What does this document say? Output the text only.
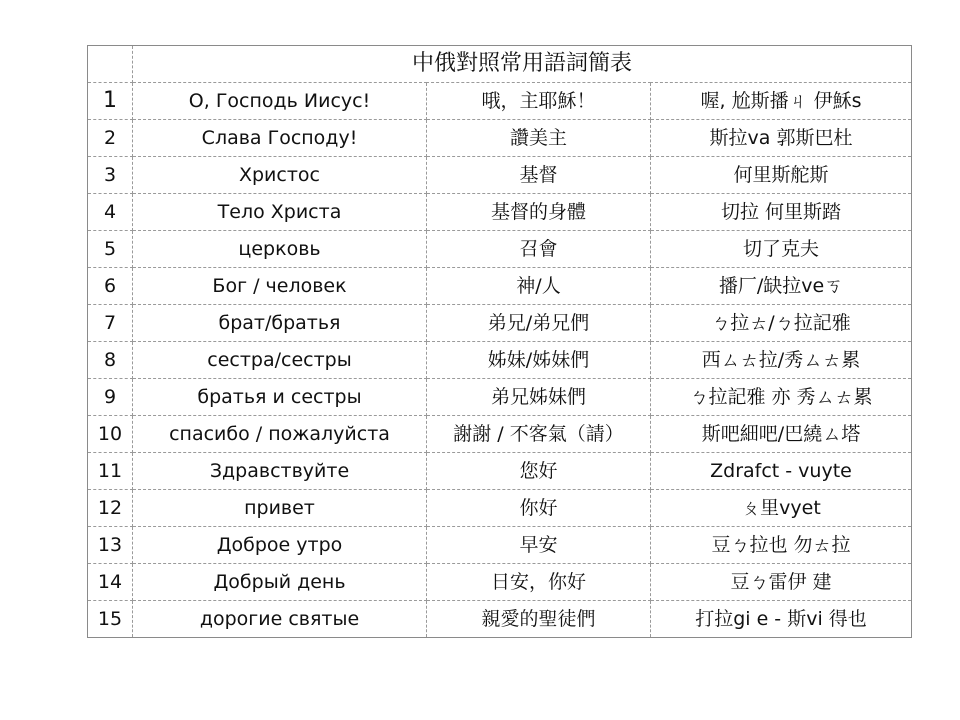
	中俄對照常用語詞簡表		
1	О, Господь Иисус!	哦，主耶穌！	喔, 尬斯播ㄐ 伊穌s
2	Слава Господу!	讚美主	斯拉va 郭斯巴杜
3	Христос	基督	何里斯舵斯
4	Тело Христа	基督的身體	切拉 何里斯踏
5	церковь	召會	切了克夫
6	Бог / человек	神/人	播厂/缺拉veㄎ
7	брат/братья	弟兄/弟兄們	ㄅ拉ㄊ/ㄅ拉記雅
8	сестра/сестры	姊妹/姊妹們	西ㄙㄊ拉/秀ㄙㄊ累
9	братья и сестры	弟兄姊妹們	ㄅ拉記雅 亦 秀ㄙㄊ累
10	спасибо / пожалуйста	謝謝 / 不客氣（請）	斯吧細吧/巴繞ㄙ塔
11	Здравствуйте	您好	Zdrafct - vuyte
12	привет	你好	ㄆ里vyet
13	Доброе утро	早安	豆ㄅ拉也 勿ㄊ拉
14	Добрый день	日安，你好	豆ㄅ雷伊 建
15	дорогие святые	親愛的聖徒們	打拉gi e - 斯vi 得也
